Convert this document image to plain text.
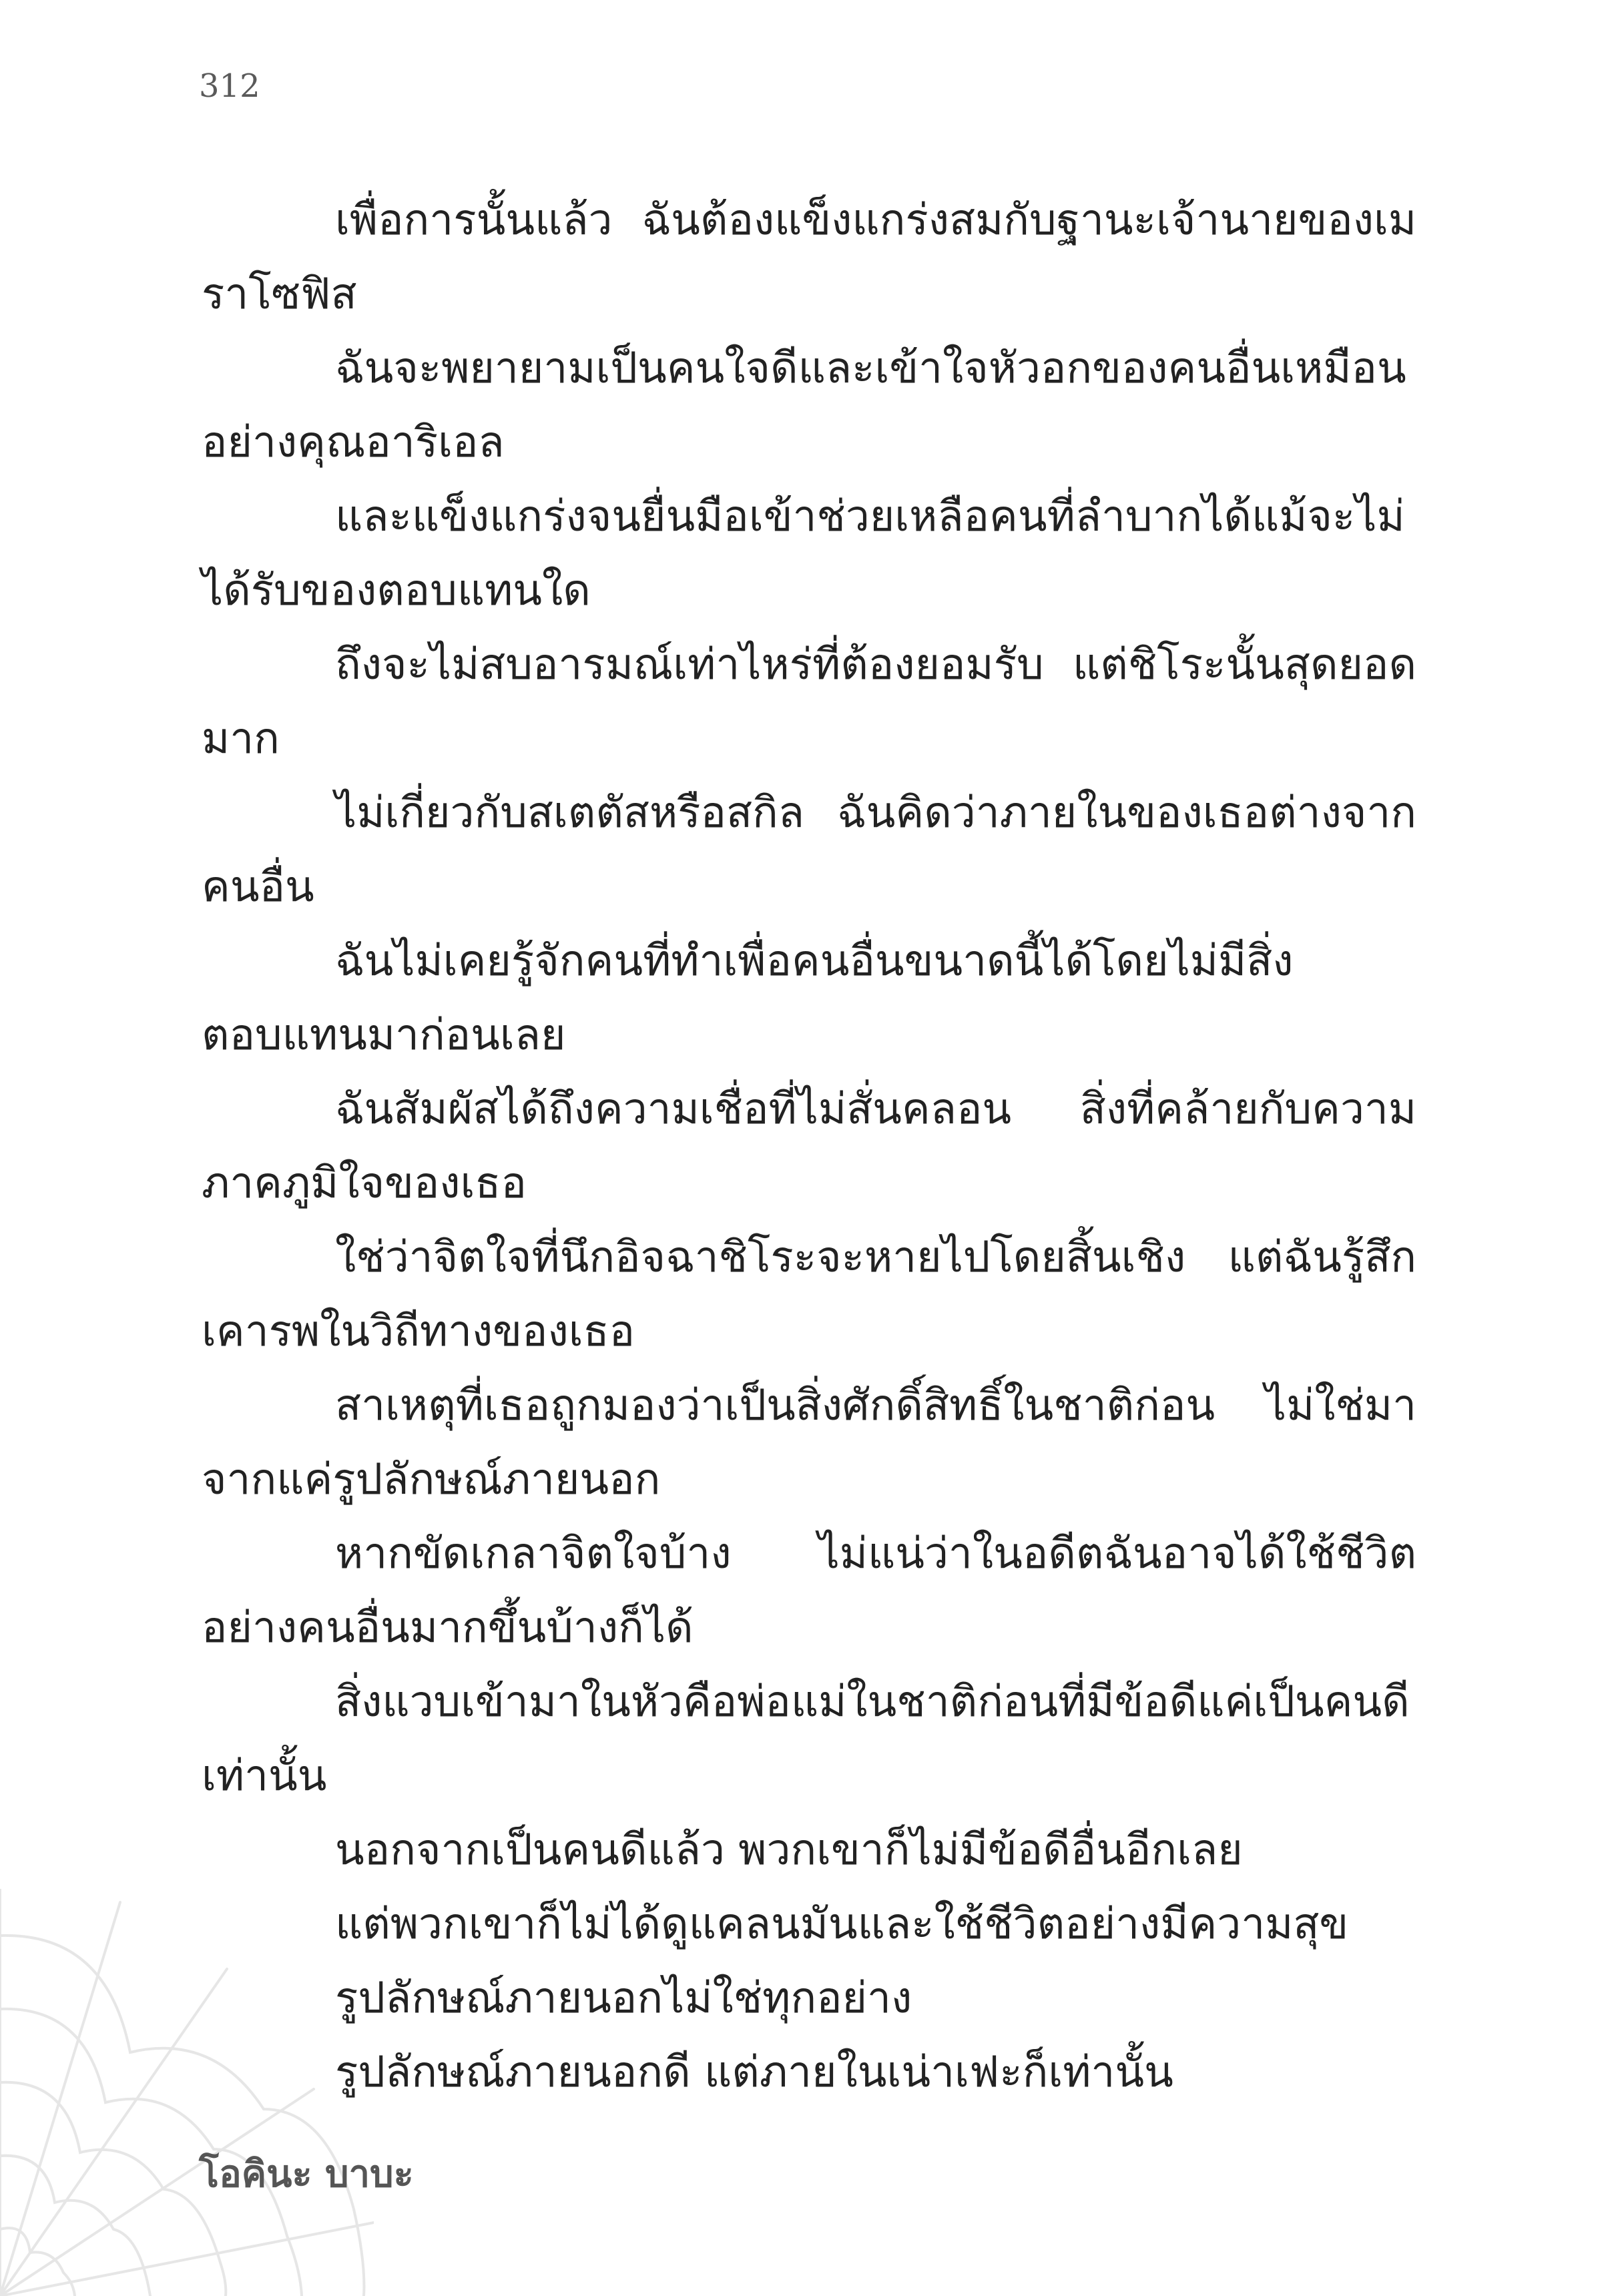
312

เพื่อการนั้นแล้ว ฉันต้องแข็งแกร่งสมกับฐานะเจ้านายของเมราโซฟิส

ฉันจะพยายามเป็นคนใจดีและเข้าใจหัวอกของคนอื่นเหมือนอย่างคุณอาริเอล

และแข็งแกร่งจนยื่นมือเข้าช่วยเหลือคนที่ลำบากได้แม้จะไม่ได้รับของตอบแทนใด

ถึงจะไม่สบอารมณ์เท่าไหร่ที่ต้องยอมรับ แต่ชิโระนั้นสุดยอดมาก

ไม่เกี่ยวกับสเตตัสหรือสกิล ฉันคิดว่าภายในของเธอต่างจากคนอื่น

ฉันไม่เคยรู้จักคนที่ทำเพื่อคนอื่นขนาดนี้ได้โดยไม่มีสิ่งตอบแทนมาก่อนเลย

ฉันสัมผัสได้ถึงความเชื่อที่ไม่สั่นคลอน สิ่งที่คล้ายกับความภาคภูมิใจของเธอ

ใช่ว่าจิตใจที่นึกอิจฉาชิโระจะหายไปโดยสิ้นเชิง แต่ฉันรู้สึกเคารพในวิถีทางของเธอ

สาเหตุที่เธอถูกมองว่าเป็นสิ่งศักดิ์สิทธิ์ในชาติก่อน ไม่ใช่มาจากแค่รูปลักษณ์ภายนอก

หากขัดเกลาจิตใจบ้าง ไม่แน่ว่าในอดีตฉันอาจได้ใช้ชีวิตอย่างคนอื่นมากขึ้นบ้างก็ได้

สิ่งแวบเข้ามาในหัวคือพ่อแม่ในชาติก่อนที่มีข้อดีแค่เป็นคนดีเท่านั้น

นอกจากเป็นคนดีแล้ว พวกเขาก็ไม่มีข้อดีอื่นอีกเลย

แต่พวกเขาก็ไม่ได้ดูแคลนมันและใช้ชีวิตอย่างมีความสุข

รูปลักษณ์ภายนอกไม่ใช่ทุกอย่าง

รูปลักษณ์ภายนอกดี แต่ภายในเน่าเฟะก็เท่านั้น

โอคินะ บาบะ
